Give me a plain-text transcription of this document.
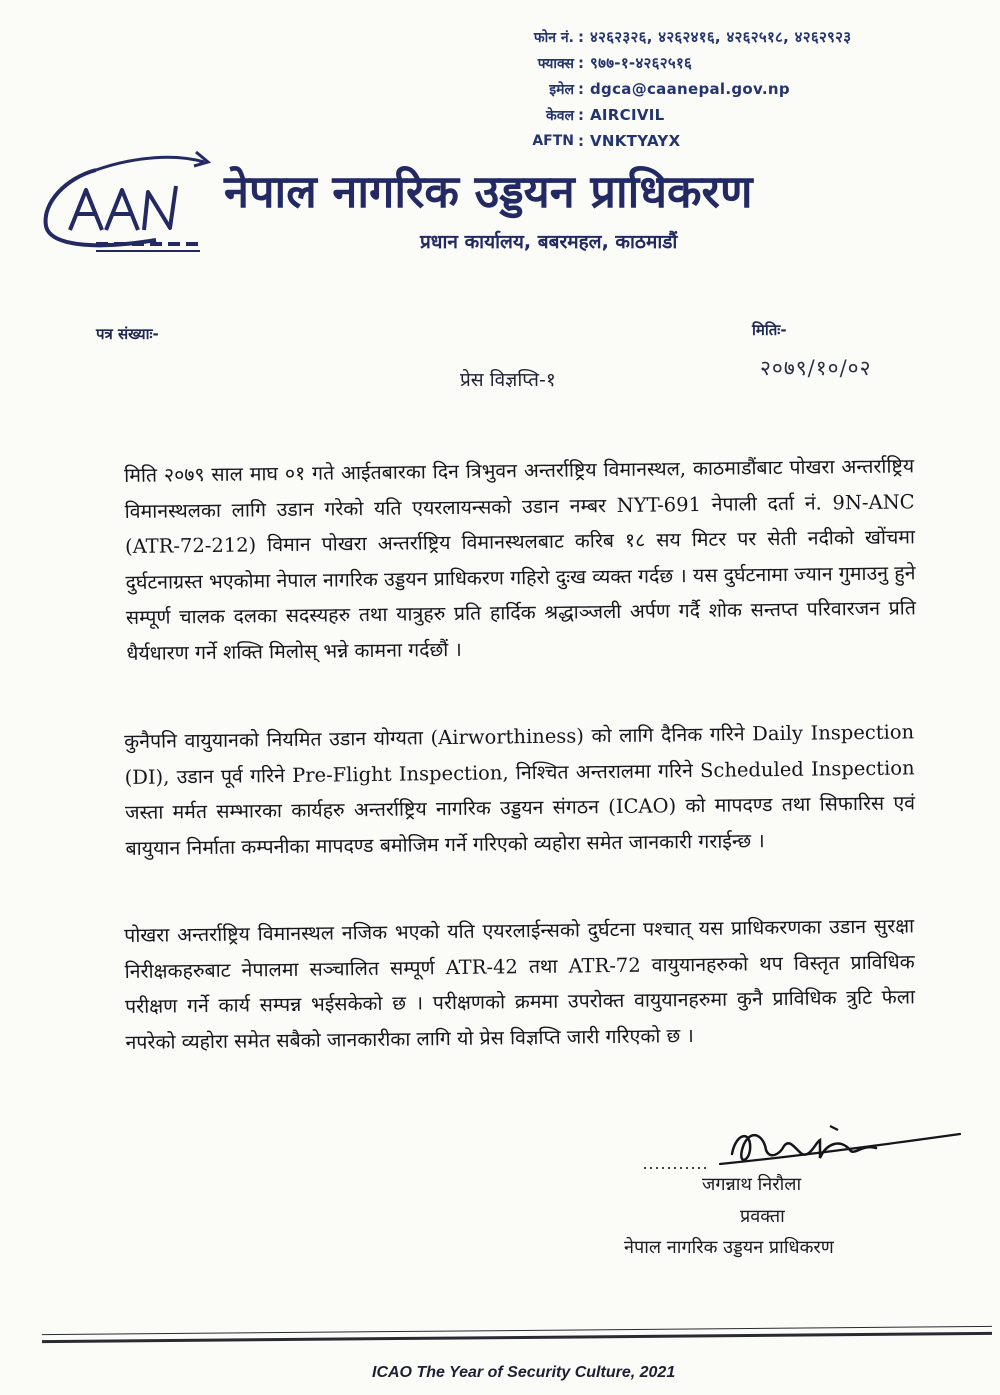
फोन नं. : ४२६२३२६, ४२६२४१६, ४२६२५१८, ४२६२९२३
फ्याक्स : ९७७-१-४२६२५१६
इमेल : dgca@caanepal.gov.np
केवल : AIRCIVIL
AFTN : VNKTYAYX
नेपाल नागरिक उड्डयन प्राधिकरण
प्रधान कार्यालय, बबरमहल, काठमाडौं
पत्र संख्याः-	मितिः-
२०७९/१०/०२
प्रेस विज्ञप्ति-१
मिति २०७९ साल माघ ०१ गते आईतबारका दिन त्रिभुवन अन्तर्राष्ट्रिय विमानस्थल, काठमाडौंबाट पोखरा अन्तर्राष्ट्रिय विमानस्थलका लागि उडान गरेको यति एयरलायन्सको उडान नम्बर NYT-691 नेपाली दर्ता नं. 9N-ANC (ATR-72-212) विमान पोखरा अन्तर्राष्ट्रिय विमानस्थलबाट करिब १८ सय मिटर पर सेती नदीको खोंचमा दुर्घटनाग्रस्त भएकोमा नेपाल नागरिक उड्डयन प्राधिकरण गहिरो दुःख व्यक्त गर्दछ । यस दुर्घटनामा ज्यान गुमाउनु हुने सम्पूर्ण चालक दलका सदस्यहरु तथा यात्रुहरु प्रति हार्दिक श्रद्धाञ्जली अर्पण गर्दै शोक सन्तप्त परिवारजन प्रति धैर्यधारण गर्ने शक्ति मिलोस् भन्ने कामना गर्दछौं ।
कुनैपनि वायुयानको नियमित उडान योग्यता (Airworthiness) को लागि दैनिक गरिने Daily Inspection (DI), उडान पूर्व गरिने Pre-Flight Inspection, निश्चित अन्तरालमा गरिने Scheduled Inspection जस्ता मर्मत सम्भारका कार्यहरु अन्तर्राष्ट्रिय नागरिक उड्डयन संगठन (ICAO) को मापदण्ड तथा सिफारिस एवं बायुयान निर्माता कम्पनीका मापदण्ड बमोजिम गर्ने गरिएको व्यहोरा समेत जानकारी गराईन्छ ।
पोखरा अन्तर्राष्ट्रिय विमानस्थल नजिक भएको यति एयरलाईन्सको दुर्घटना पश्चात् यस प्राधिकरणका उडान सुरक्षा निरीक्षकहरुबाट नेपालमा सञ्चालित सम्पूर्ण ATR-42 तथा ATR-72 वायुयानहरुको थप विस्तृत प्राविधिक परीक्षण गर्ने कार्य सम्पन्न भईसकेको छ । परीक्षणको क्रममा उपरोक्त वायुयानहरुमा कुनै प्राविधिक त्रुटि फेला नपरेको व्यहोरा समेत सबैको जानकारीका लागि यो प्रेस विज्ञप्ति जारी गरिएको छ ।
जगन्नाथ निरौला
प्रवक्ता
नेपाल नागरिक उड्डयन प्राधिकरण
ICAO The Year of Security Culture, 2021
